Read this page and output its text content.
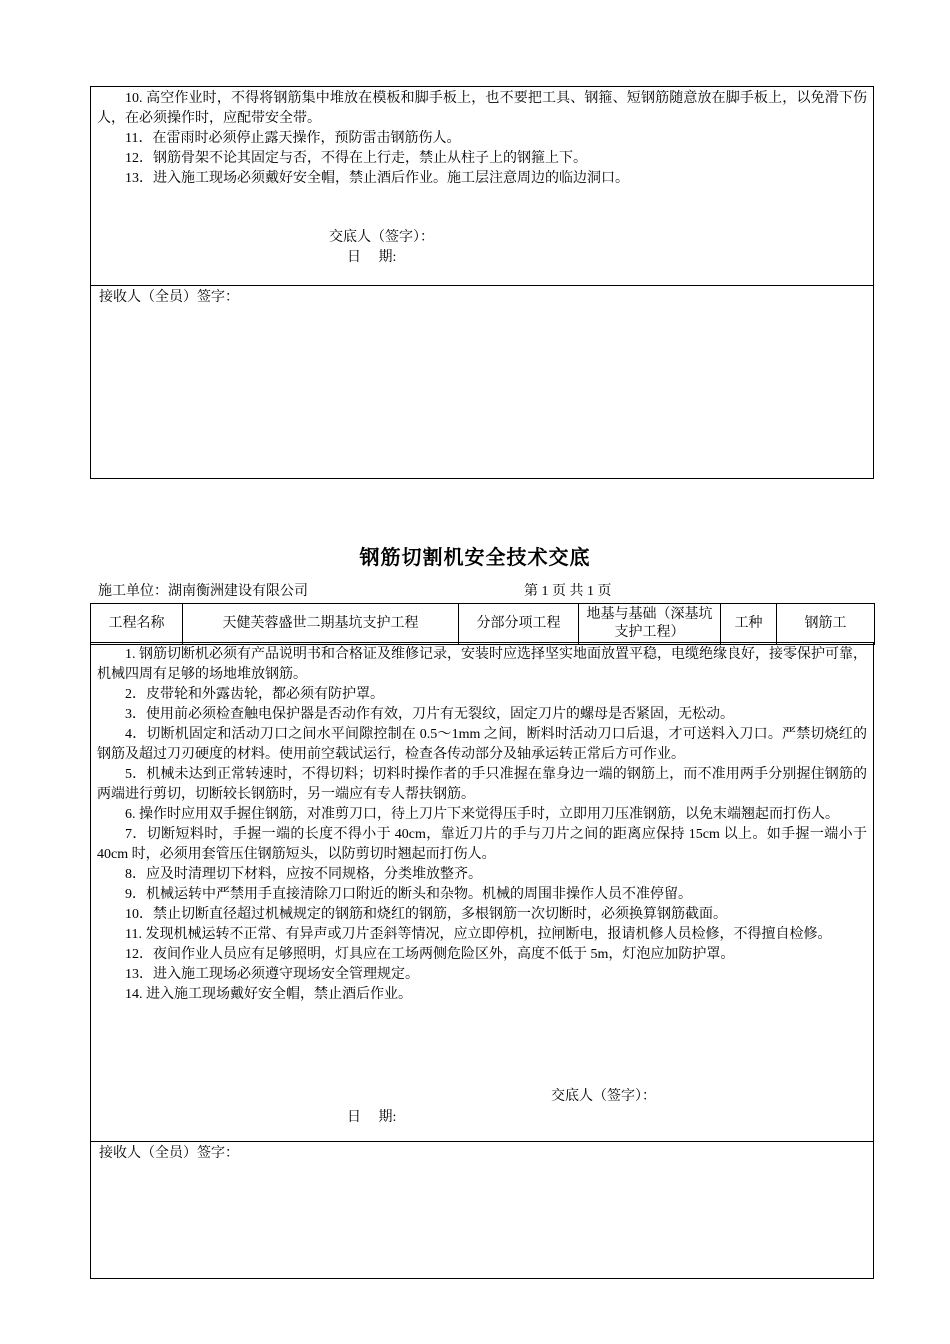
10. 高空作业时，不得将钢筋集中堆放在模板和脚手板上，也不要把工具、钢箍、短钢筋随意放在脚手板上，以免滑下伤人，在必须操作时，应配带安全带。

11．在雷雨时必须停止露天操作，预防雷击钢筋伤人。

12．钢筋骨架不论其固定与否，不得在上行走，禁止从柱子上的钢箍上下。

13．进入施工现场必须戴好安全帽，禁止酒后作业。施工层注意周边的临边洞口。

交底人（签字）：
日　 期:
接收人（全员）签字：
钢筋切割机安全技术交底
施工单位：湖南衡洲建设有限公司	第 1 页 共 1 页
工程名称	天健芙蓉盛世二期基坑支护工程	分部分项工程	地基与基础（深基坑支护工程）	工种	钢筋工

1. 钢筋切断机必须有产品说明书和合格证及维修记录，安装时应选择坚实地面放置平稳，电缆绝缘良好，接零保护可靠，机械四周有足够的场地堆放钢筋。

2．皮带轮和外露齿轮，都必须有防护罩。

3．使用前必须检查触电保护器是否动作有效，刀片有无裂纹，固定刀片的螺母是否紧固，无松动。

4．切断机固定和活动刀口之间水平间隙控制在 0.5～1mm 之间，断料时活动刀口后退，才可送料入刀口。严禁切烧红的钢筋及超过刀刃硬度的材料。使用前空载试运行，检查各传动部分及轴承运转正常后方可作业。

5．机械未达到正常转速时，不得切料；切料时操作者的手只准握在靠身边一端的钢筋上，而不准用两手分别握住钢筋的两端进行剪切，切断较长钢筋时，另一端应有专人帮扶钢筋。

6. 操作时应用双手握住钢筋，对准剪刀口，待上刀片下来觉得压手时，立即用刀压准钢筋，以免末端翘起而打伤人。

7．切断短料时，手握一端的长度不得小于 40cm，靠近刀片的手与刀片之间的距离应保持 15cm 以上。如手握一端小于 40cm 时，必须用套管压住钢筋短头，以防剪切时翘起而打伤人。

8．应及时清理切下材料，应按不同规格，分类堆放整齐。

9．机械运转中严禁用手直接清除刀口附近的断头和杂物。机械的周围非操作人员不准停留。

10．禁止切断直径超过机械规定的钢筋和烧红的钢筋，多根钢筋一次切断时，必须换算钢筋截面。

11. 发现机械运转不正常、有异声或刀片歪斜等情况，应立即停机，拉闸断电，报请机修人员检修，不得擅自检修。

12．夜间作业人员应有足够照明，灯具应在工场两侧危险区外，高度不低于 5m，灯泡应加防护罩。

13．进入施工现场必须遵守现场安全管理规定。

14. 进入施工现场戴好安全帽，禁止酒后作业。

交底人（签字）：
日　 期:
接收人（全员）签字：
